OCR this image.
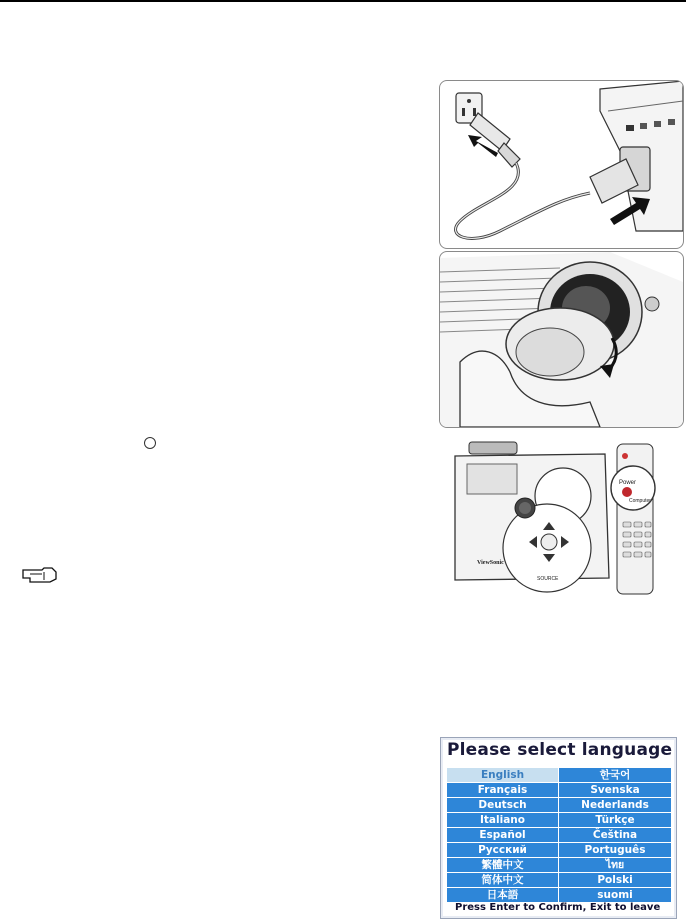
ViewSonic
SOURCE
Power
Computer
Please select language
English	한국어
Français	Svenska
Deutsch	Nederlands
Italiano	Türkçe
Español	Čeština
Русский	Português
繁體中文	ไทย
简体中文	Polski
日本語	suomi
Press Enter to Confirm, Exit to leave
